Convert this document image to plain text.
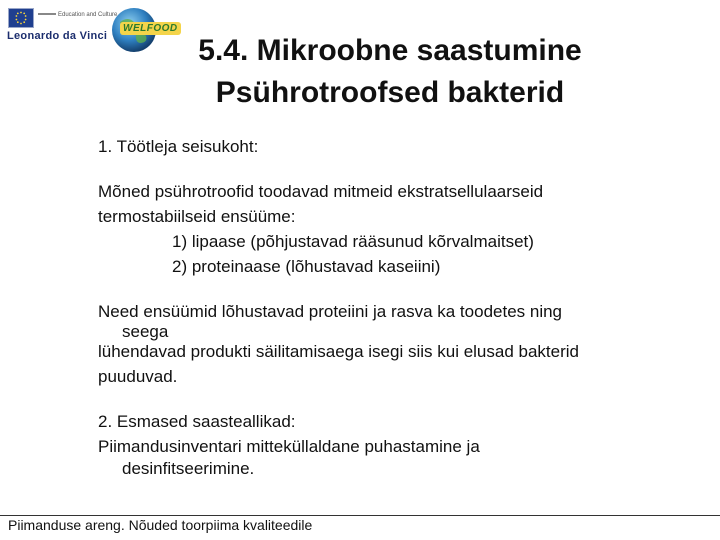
Education and Culture
Leonardo da Vinci
WELFOOD
5.4. Mikroobne saastumine
Psührotroofsed bakterid

1. Töötleja seisukoht:

Mõned psührotroofid toodavad mitmeid ekstratsellulaarseid

termostabiilseid ensüüme:

1) lipaase (põhjustavad rääsunud kõrvalmaitset)

2) proteinaase (lõhustavad kaseiini)

Need ensüümid lõhustavad proteiini ja rasva ka toodetes ning

seega

lühendavad produkti säilitamisaega isegi siis kui elusad bakterid

puuduvad.

2. Esmased saasteallikad:

Piimandusinventari mitteküllaldane puhastamine ja

desinfitseerimine.

Piimanduse areng. Nõuded toorpiima kvaliteedile
